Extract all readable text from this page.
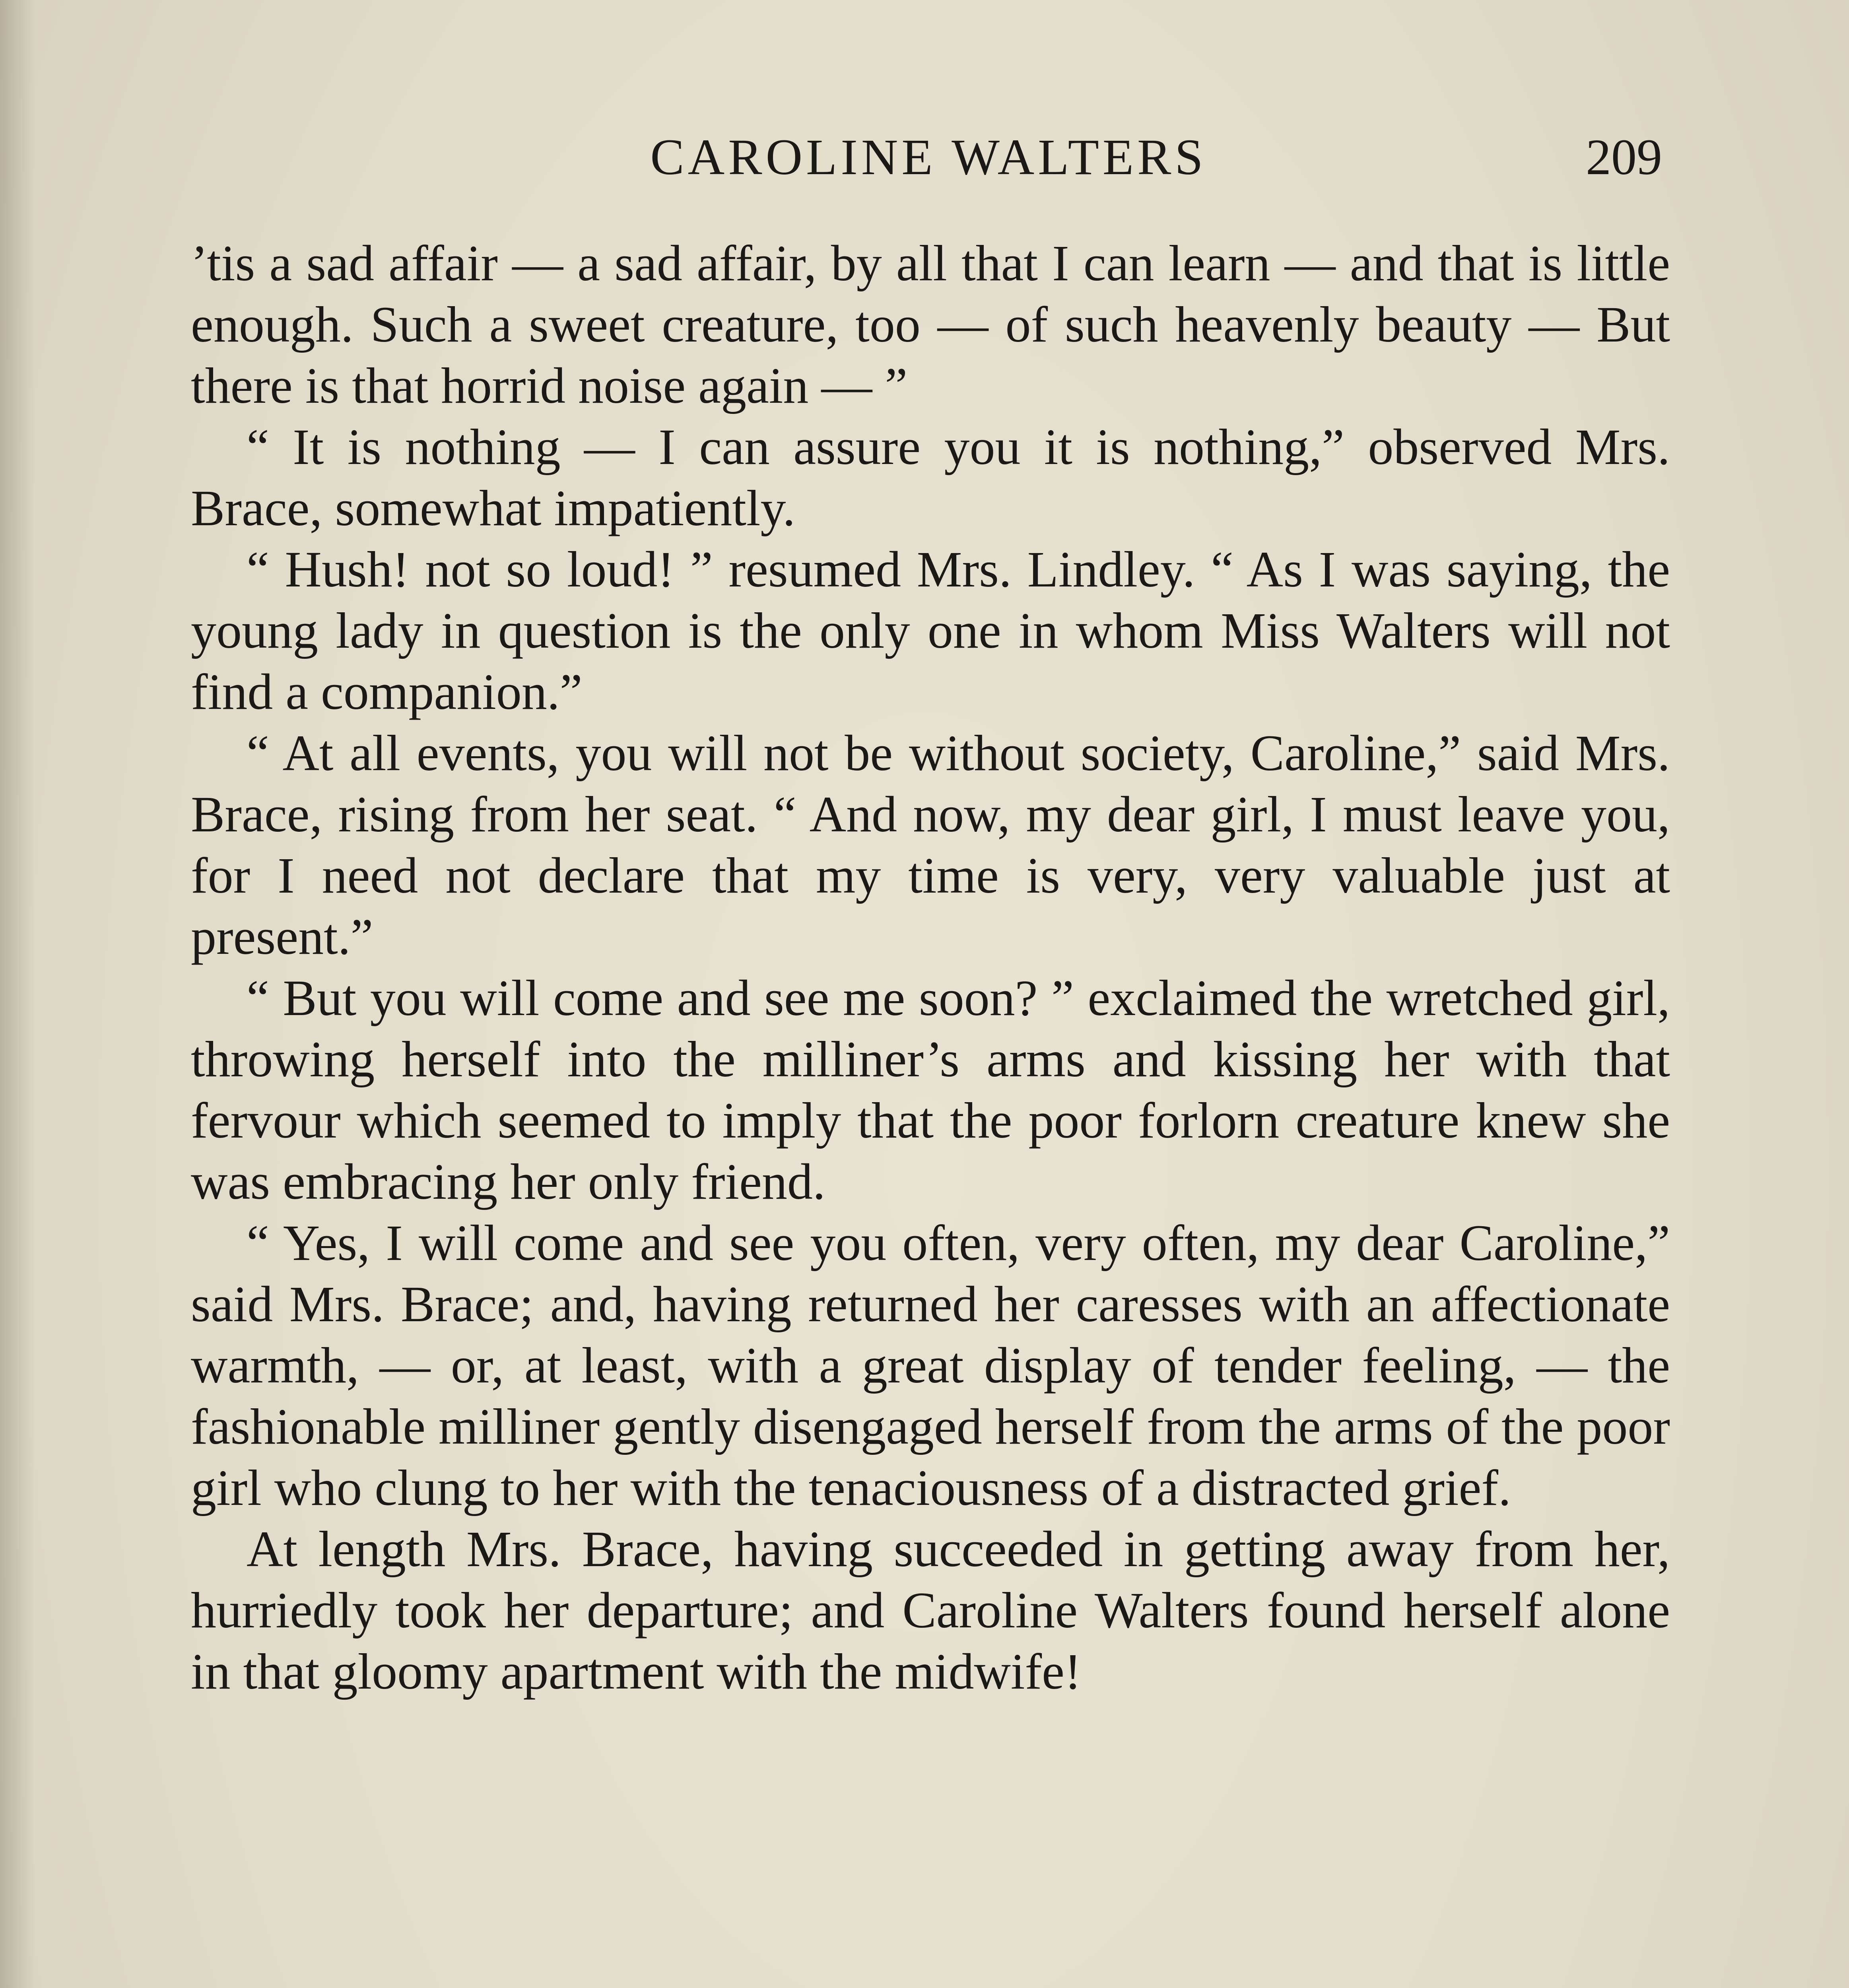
CAROLINE WALTERS	209

’tis a sad affair — a sad affair, by all that I can learn — and that is little enough. Such a sweet creature, too — of such heavenly beauty — But there is that horrid noise again — ”

“ It is nothing — I can assure you it is nothing,” observed Mrs. Brace, somewhat impatiently.

“ Hush! not so loud! ” resumed Mrs. Lindley. “ As I was saying, the young lady in question is the only one in whom Miss Walters will not find a companion.”

“ At all events, you will not be without society, Caroline,” said Mrs. Brace, rising from her seat. “ And now, my dear girl, I must leave you, for I need not declare that my time is very, very valuable just at present.”

“ But you will come and see me soon? ” exclaimed the wretched girl, throwing herself into the milliner’s arms and kissing her with that fervour which seemed to imply that the poor forlorn creature knew she was embracing her only friend.

“ Yes, I will come and see you often, very often, my dear Caroline,” said Mrs. Brace; and, having returned her caresses with an affectionate warmth, — or, at least, with a great display of tender feeling, — the fashionable milliner gently disengaged herself from the arms of the poor girl who clung to her with the tenaciousness of a distracted grief.

At length Mrs. Brace, having succeeded in getting away from her, hurriedly took her departure; and Caroline Walters found herself alone in that gloomy apartment with the midwife!
